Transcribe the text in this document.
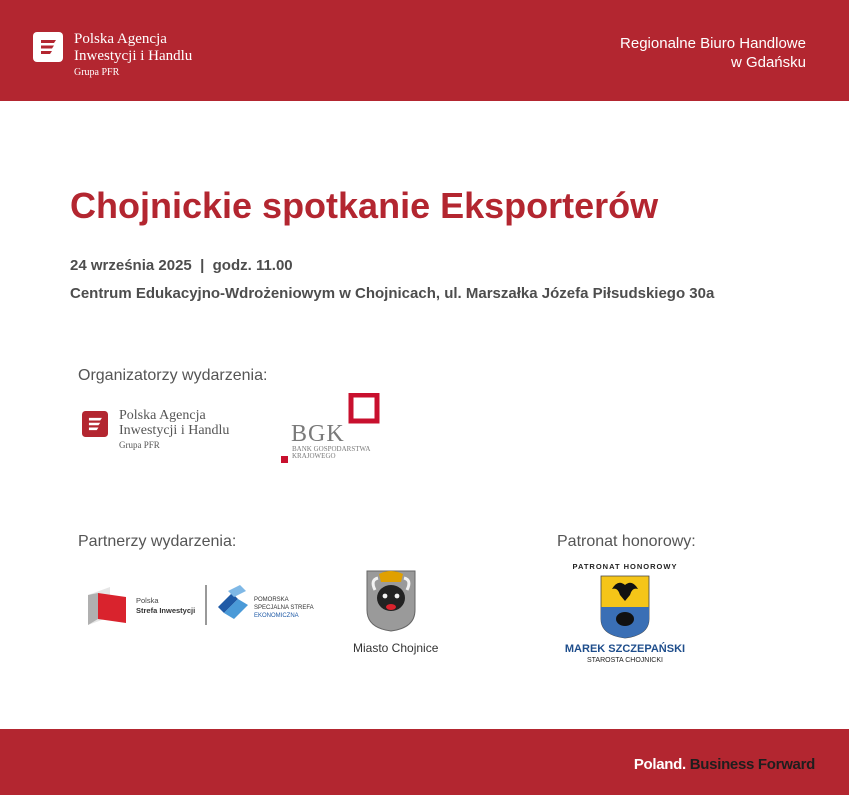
Polska Agencja
Inwestycji i Handlu
Grupa PFR
Regionalne Biuro Handlowe
w Gdańsku
Chojnickie spotkanie Eksporterów
24 września 2025  |  godz. 11.00
Centrum Edukacyjno-Wdrożeniowym w Chojnicach, ul. Marszałka Józefa Piłsudskiego 30a
Organizatorzy wydarzenia:
Polska Agencja
Inwestycji i Handlu
Grupa PFR	BGK
BANK GOSPODARSTWA
KRAJOWEGO
Partnerzy wydarzenia:
Polska
Strefa Inwestycji
POMORSKA
SPECJALNA STREFA
EKONOMICZNA
Miasto Chojnice
Patronat honorowy:
PATRONAT HONOROWY
MAREK SZCZEPAŃSKI
STAROSTA CHOJNICKI
Poland. Business Forward
